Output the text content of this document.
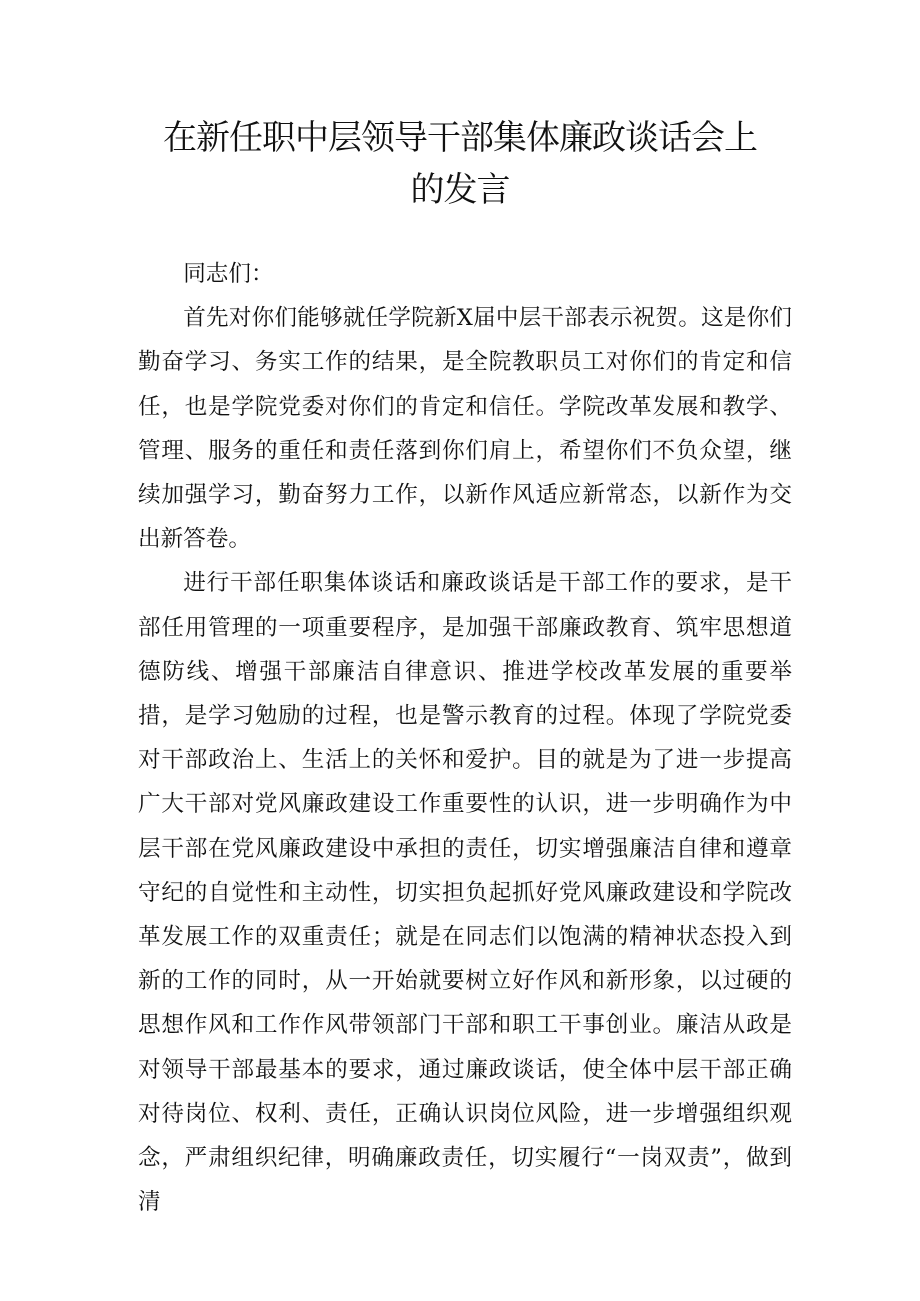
在新任职中层领导干部集体廉政谈话会上
的发言

同志们：

首先对你们能够就任学院新X届中层干部表示祝贺。这是你们勤奋学习、务实工作的结果，是全院教职员工对你们的肯定和信任，也是学院党委对你们的肯定和信任。学院改革发展和教学、管理、服务的重任和责任落到你们肩上，希望你们不负众望，继续加强学习，勤奋努力工作，以新作风适应新常态，以新作为交出新答卷。

进行干部任职集体谈话和廉政谈话是干部工作的要求，是干部任用管理的一项重要程序，是加强干部廉政教育、筑牢思想道德防线、增强干部廉洁自律意识、推进学校改革发展的重要举措，是学习勉励的过程，也是警示教育的过程。体现了学院党委对干部政治上、生活上的关怀和爱护。目的就是为了进一步提高广大干部对党风廉政建设工作重要性的认识，进一步明确作为中层干部在党风廉政建设中承担的责任，切实增强廉洁自律和遵章守纪的自觉性和主动性，切实担负起抓好党风廉政建设和学院改革发展工作的双重责任；就是在同志们以饱满的精神状态投入到新的工作的同时，从一开始就要树立好作风和新形象，以过硬的思想作风和工作作风带领部门干部和职工干事创业。廉洁从政是对领导干部最基本的要求，通过廉政谈话，使全体中层干部正确对待岗位、权利、责任，正确认识岗位风险，进一步增强组织观念，严肃组织纪律，明确廉政责任，切实履行“一岗双责”，做到清
